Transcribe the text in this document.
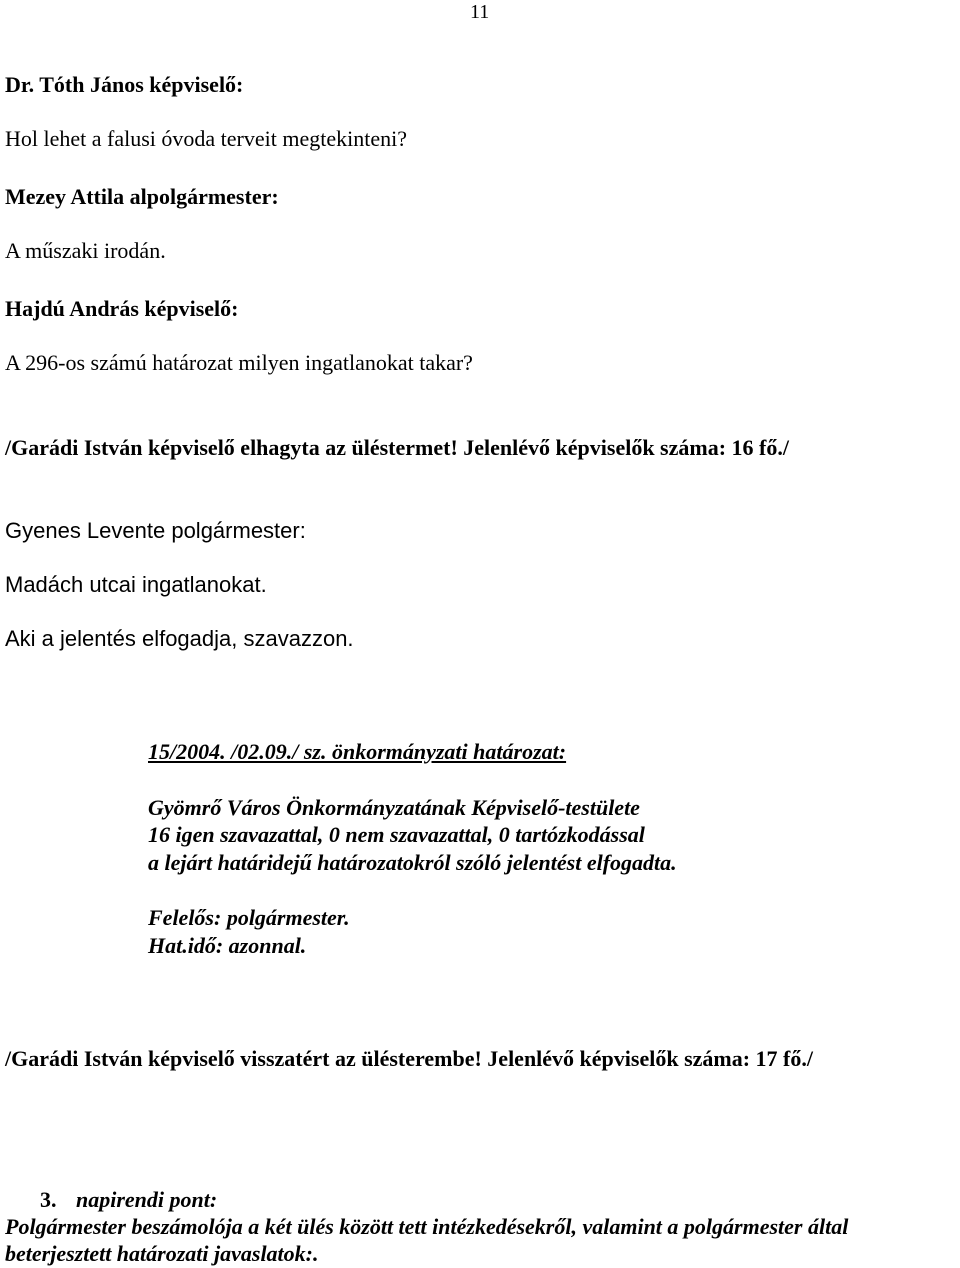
11

Dr. Tóth János képviselő:

Hol lehet a falusi óvoda terveit megtekinteni?

Mezey Attila alpolgármester:

A műszaki irodán.

Hajdú András képviselő:

A 296-os számú határozat milyen ingatlanokat takar?

/Garádi István képviselő elhagyta az üléstermet! Jelenlévő képviselők száma: 16 fő./

Gyenes Levente polgármester:

Madách utcai ingatlanokat.

Aki a jelentés elfogadja, szavazzon.

15/2004. /02.09./ sz. önkormányzati határozat:

Gyömrő Város Önkormányzatának Képviselő-testülete

16 igen szavazattal, 0 nem szavazattal, 0 tartózkodással

a lejárt határidejű határozatokról szóló jelentést elfogadta.

Felelős: polgármester.

Hat.idő: azonnal.

/Garádi István képviselő visszatért az ülésterembe! Jelenlévő képviselők száma: 17 fő./

3. napirendi pont:

Polgármester beszámolója a két ülés között tett intézkedésekről, valamint a polgármester által

beterjesztett határozati javaslatok:.
